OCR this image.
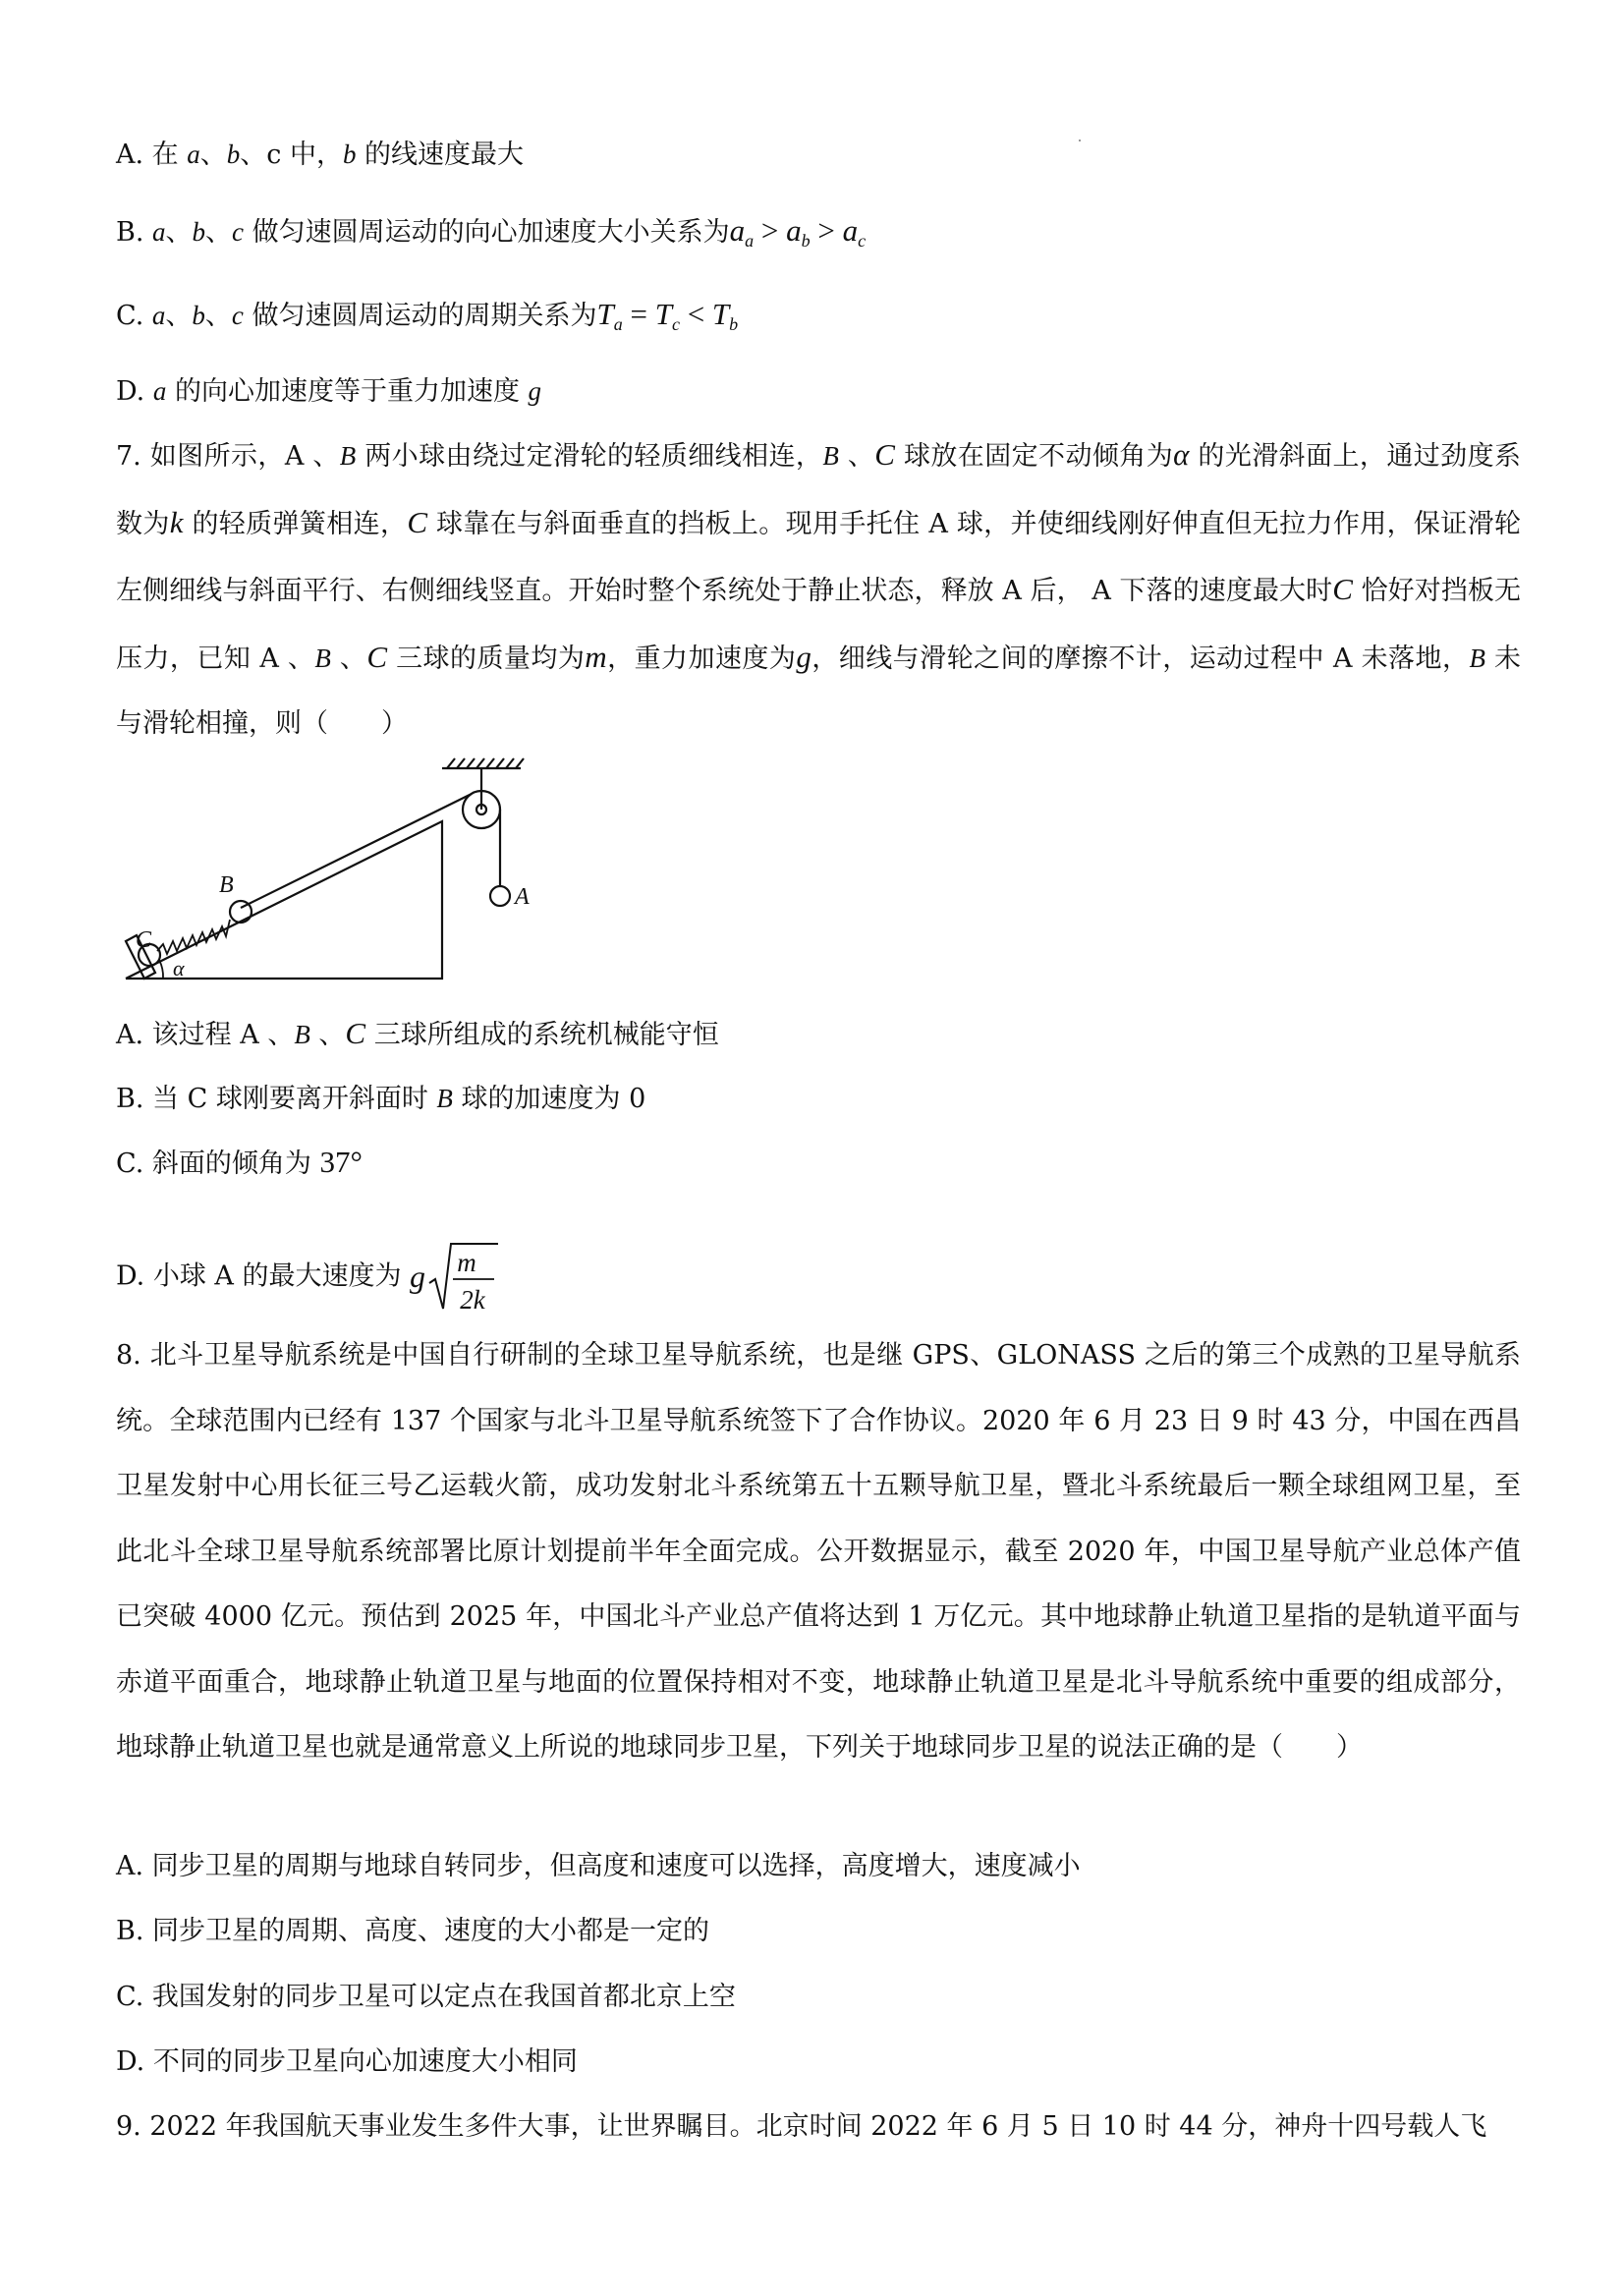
A. 在 a、b、c 中，b 的线速度最大
B. a、b、c 做匀速圆周运动的向心加速度大小关系为$a_a > a_b > a_c$
C. a、b、c 做匀速圆周运动的周期关系为$T_a = T_c < T_b$
D. a 的向心加速度等于重力加速度 g
7. 如图所示，A 、B 两小球由绕过定滑轮的轻质细线相连，B 、C 球放在固定不动倾角为α 的光滑斜面上，通过劲度系数为k 的轻质弹簧相连，C 球靠在与斜面垂直的挡板上。现用手托住 A 球，并使细线刚好伸直但无拉力作用，保证滑轮左侧细线与斜面平行、右侧细线竖直。开始时整个系统处于静止状态，释放 A 后， A 下落的速度最大时C 恰好对挡板无压力，已知 A 、B 、C 三球的质量均为m，重力加速度为g，细线与滑轮之间的摩擦不计，运动过程中 A 未落地，B 未与滑轮相撞，则（　　）
B
C
A
α
A. 该过程 A 、B 、C 三球所组成的系统机械能守恒
B. 当 C 球刚要离开斜面时 B 球的加速度为 0
C. 斜面的倾角为 37°
D. 小球 A 的最大速度为 g m
2k
8. 北斗卫星导航系统是中国自行研制的全球卫星导航系统，也是继 GPS、GLONASS 之后的第三个成熟的卫星导航系统。全球范围内已经有 137 个国家与北斗卫星导航系统签下了合作协议。2020 年 6 月 23 日 9 时 43 分，中国在西昌卫星发射中心用长征三号乙运载火箭，成功发射北斗系统第五十五颗导航卫星，暨北斗系统最后一颗全球组网卫星，至此北斗全球卫星导航系统部署比原计划提前半年全面完成。公开数据显示，截至 2020 年，中国卫星导航产业总体产值已突破 4000 亿元。预估到 2025 年，中国北斗产业总产值将达到 1 万亿元。其中地球静止轨道卫星指的是轨道平面与赤道平面重合，地球静止轨道卫星与地面的位置保持相对不变，地球静止轨道卫星是北斗导航系统中重要的组成部分，地球静止轨道卫星也就是通常意义上所说的地球同步卫星，下列关于地球同步卫星的说法正确的是（　　）
A. 同步卫星的周期与地球自转同步，但高度和速度可以选择，高度增大，速度减小
B. 同步卫星的周期、高度、速度的大小都是一定的
C. 我国发射的同步卫星可以定点在我国首都北京上空
D. 不同的同步卫星向心加速度大小相同
9. 2022 年我国航天事业发生多件大事，让世界瞩目。北京时间 2022 年 6 月 5 日 10 时 44 分，神舟十四号载人飞
